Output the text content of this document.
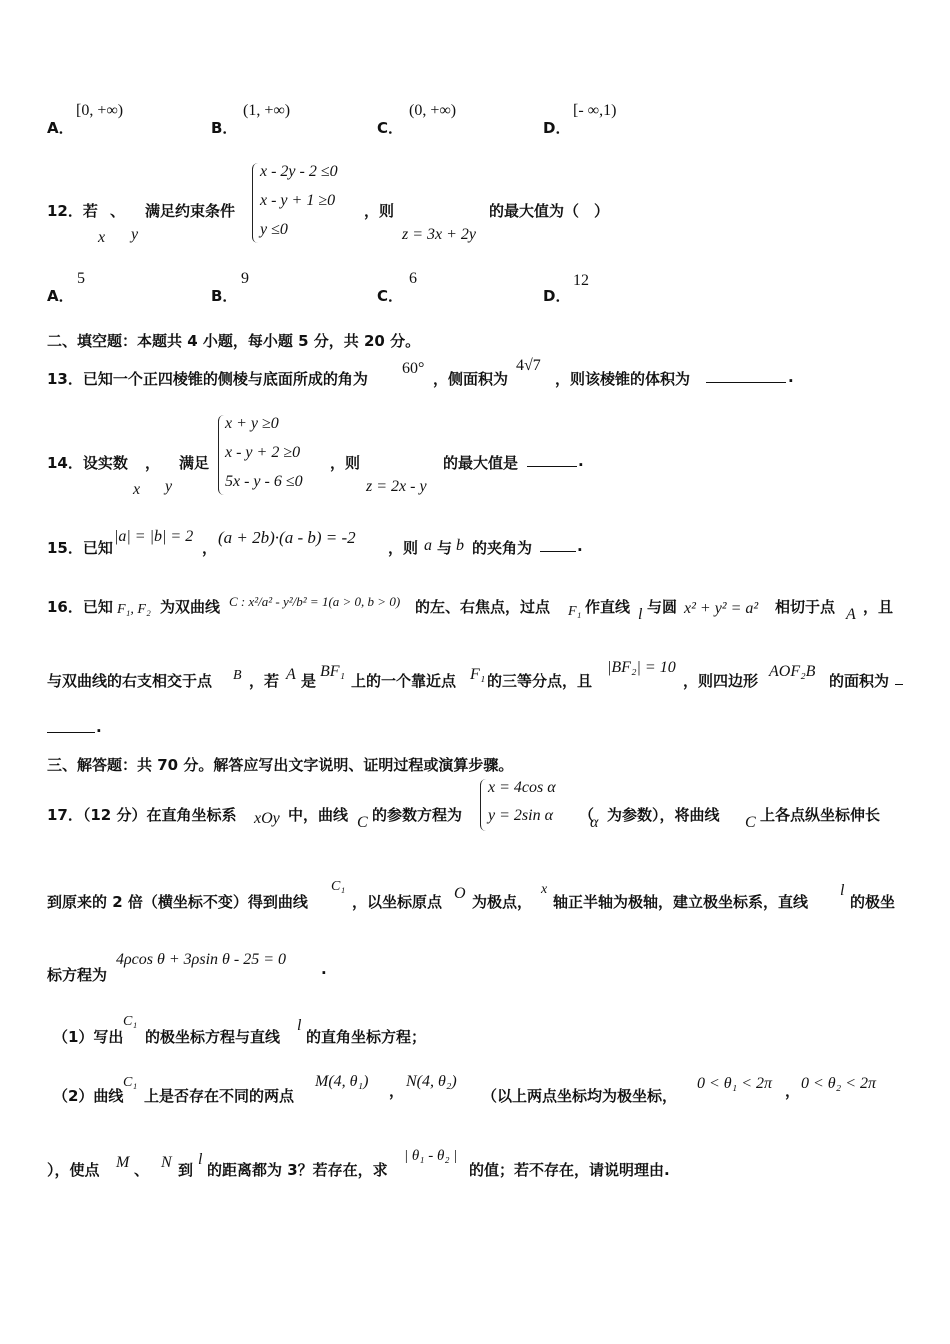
A．
[0, +∞)
B．
(1, +∞)
C．
(0, +∞)
D．
[- ∞,1)
12．若 、
x y
满足约束条件
x - 2y - 2 ≤0
x - y + 1 ≥0
y ≤0
，则
z = 3x + 2y
的最大值为（　）
A．
5
B．
9
C．
6
D．
12
二、填空题：本题共 4 小题，每小题 5 分，共 20 分。
13．已知一个正四棱锥的侧棱与底面所成的角为
60°
，侧面积为
4√7
，则该棱锥的体积为	.
14．设实数 ，
x y
满足
x + y ≥0
x - y + 2 ≥0
5x - y - 6 ≤0
，则
z = 2x - y
的最大值是	.
15．已知
|a| = |b| = 2
，
(a + 2b)·(a - b) = -2
，则 a 与 b 的夹角为	.
16．已知 F₁, F₂ 为双曲线 C : x²/a² - y²/b² = 1(a > 0, b > 0) 的左、右焦点，过点 F₁ 作直线 l 与圆 x² + y² = a² 相切于点 A ，且
与双曲线的右支相交于点 B ，若 A 是
BF₁
上的一个靠近点 F₁ 的三等分点，且
|BF₂| = 10
，则四边形
AOF₂B
的面积为
.
三、解答题：共 70 分。解答应写出文字说明、证明过程或演算步骤。
17．（12 分）在直角坐标系 xOy 中，曲线 C 的参数方程为
x = 4cos α
y = 2sin α （
α 为参数），将曲线 C 上各点纵坐标伸长
到原来的 2 倍（横坐标不变）得到曲线
C₁
，以坐标原点 O 为极点，
x
轴正半轴为极轴，建立极坐标系，直线
l
的极坐
标方程为
4ρcos θ + 3ρsin θ - 25 = 0
.
（1）写出
C₁
的极坐标方程与直线
l
的直角坐标方程；
（2）曲线
C₁
上是否存在不同的两点
M(4, θ₁)
，
N(4, θ₂)
（以上两点坐标均为极坐标，
0 < θ₁ < 2π ， 0 < θ₂ < 2π
），使点 M 、 N 到
l
的距离都为 3？若存在，求
| θ₁ - θ₂ |
的值；若不存在，请说明理由.
